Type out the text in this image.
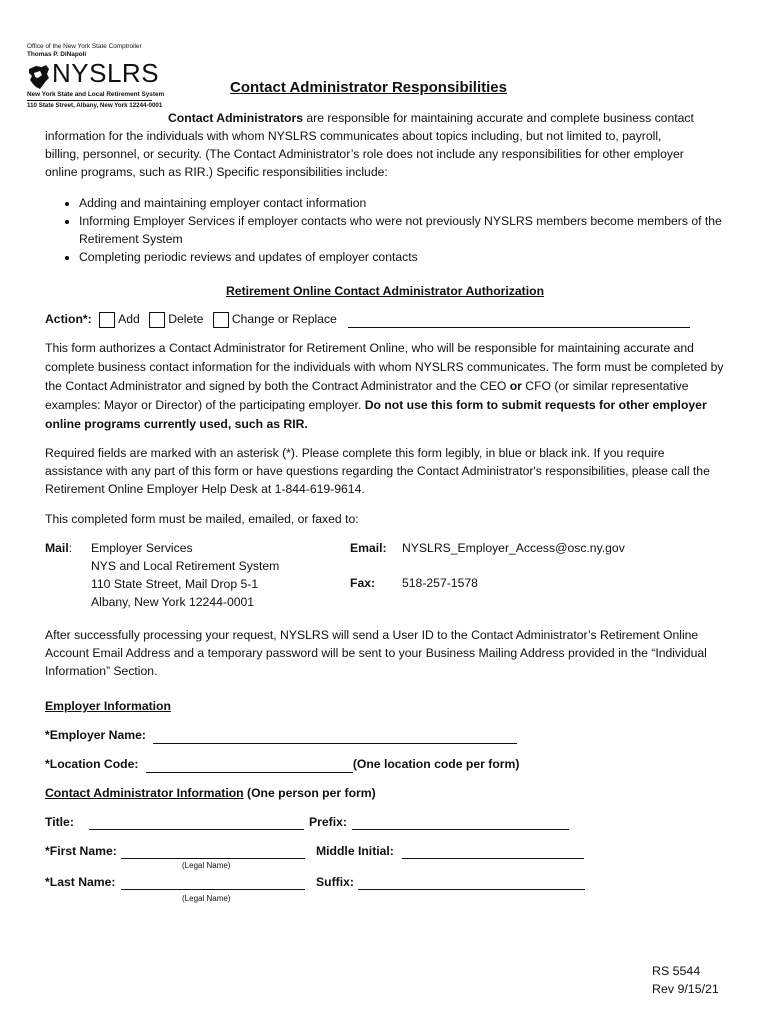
Office of the New York State Comptroller
Thomas P. DiNapoli
NYSLRS
New York State and Local Retirement System
110 State Street, Albany, New York 12244-0001
Contact Administrator Responsibilities
Contact Administrators are responsible for maintaining accurate and complete business contact
information for the individuals with whom NYSLRS communicates about topics including, but not limited to, payroll,
billing, personnel, or security. (The Contact Administrator’s role does not include any responsibilities for other employer
online programs, such as RIR.) Specific responsibilities include:
• Adding and maintaining employer contact information
• Informing Employer Services if employer contacts who were not previously NYSLRS members become members of the Retirement System
• Completing periodic reviews and updates of employer contacts
Retirement Online Contact Administrator Authorization
Action*: Add Delete Change or Replace
This form authorizes a Contact Administrator for Retirement Online, who will be responsible for maintaining accurate and complete business contact information for the individuals with whom NYSLRS communicates. The form must be completed by the Contact Administrator and signed by both the Contract Administrator and the CEO or CFO (or similar representative examples: Mayor or Director) of the participating employer. Do not use this form to submit requests for other employer online programs currently used, such as RIR.
Required fields are marked with an asterisk (*). Please complete this form legibly, in blue or black ink. If you require assistance with any part of this form or have questions regarding the Contact Administrator's responsibilities, please call the Retirement Online Employer Help Desk at 1-844-619-9614.
This completed form must be mailed, emailed, or faxed to:
Mail: Employer Services
NYS and Local Retirement System
110 State Street, Mail Drop 5-1
Albany, New York 12244-0001
Email: NYSLRS_Employer_Access@osc.ny.gov
Fax: 518-257-1578
After successfully processing your request, NYSLRS will send a User ID to the Contact Administrator’s Retirement Online Account Email Address and a temporary password will be sent to your Business Mailing Address provided in the “Individual Information” Section.
Employer Information
*Employer Name:
*Location Code:	(One location code per form)
Contact Administrator Information (One person per form)
Title:	Prefix:
*First Name:	Middle Initial:
(Legal Name)
*Last Name:	Suffix:
(Legal Name)
RS 5544
Rev 9/15/21
